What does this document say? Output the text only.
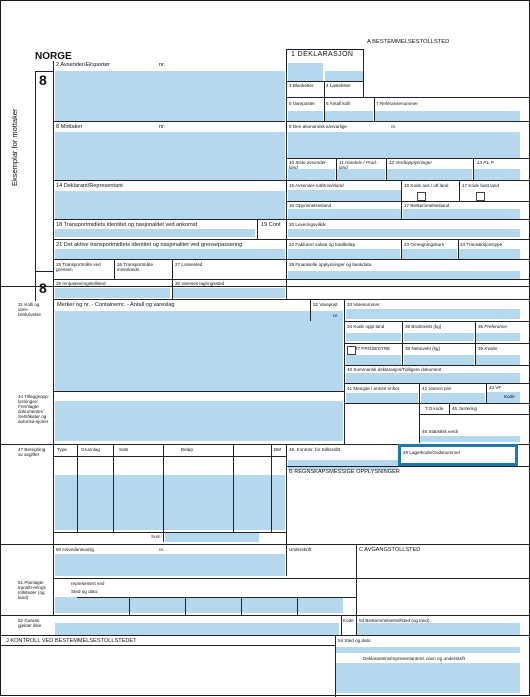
NORGE
8
8
Eksemplar for mottaker
A BESTEMMELSESTOLLSTED
1 DEKLARASJON
2 Avsender/Eksportør	nr.
3 Blanketter	4 Lastelister
5 Vareposter 6 Antall kolli	7 Referansenummer
8 Mottaker	nr.	9 Den økonomisk ansvarlige	nr.
10 Siste avsender-land
11 Handels-/ Prod.-land
12 Verdiopplysninger	13 F.L.P
14 Deklarant/Representant	15 Avsender-/utførselsland	15 Kode avs./ utf.land	17 Kode best.land
16 Opprinnelsesland	17 Bestemmelsesland
18 Transportmidlets identitet og nasjonalitet ved ankomst	19 Cont 20 Leveringsvilkår
21 Det aktive transportmidlets identitet og nasjonalitet ved grensepassering	22 Fakturert valuta og totalbeløp	23 Omregningskurs	24 Transaksjonstype
25 Transportmåte ved grensen
26 Transportmåte innenlands
27 Lossested	28 Finansielle opplysninger og bankdata
29 Innpasseringstollsted	30 Varenes lagringssted
31 Kolli og vare-beskrivelse
Merker og nr. - Containernr. - Antall og vareslag	32 Varepost
nr.
33 Varenummer
34 Kode oppr.land	35 Bruttovekt (kg)	36 Preferanse
37 PROSEDYRE	38 Nettovekt (kg)	39 Kvoter
40 Summarisk deklarasjon/Tidligere dokument
41 Mengde i annen enhet	42 Varens pris	43 VF
Kode
44 Tilleggsopp-lysninger/ Fremlagte dokumenter/ Sertifikater og autorisa-sjoner
T.O.kode 45 Justering
46 Statistisk verdi
47 Beregning av avgifter
Type	Grunnlag	Sats	Beløp	BM 48. Kontonr. for tollkreditt
49 Lagerkode/Godsnummer
B REGNSKAPSMESSIGE OPPLYSNINGER
Sum:
50 Hovedansvarlig	nr.	Underskrift:	C AVGANGSTOLLSTED
representert ved
Sted og dato:
51 Planlagte transitt-erings tollsteder (og land)
52 Garanti gjelder ikke
Kode 53 Bestemmelsestollsted (og land)
J KONTROLL VED BESTEMMELSESTOLLSTEDET	54 Sted og dato:
Deklarantens/representantens navn og underskrift
